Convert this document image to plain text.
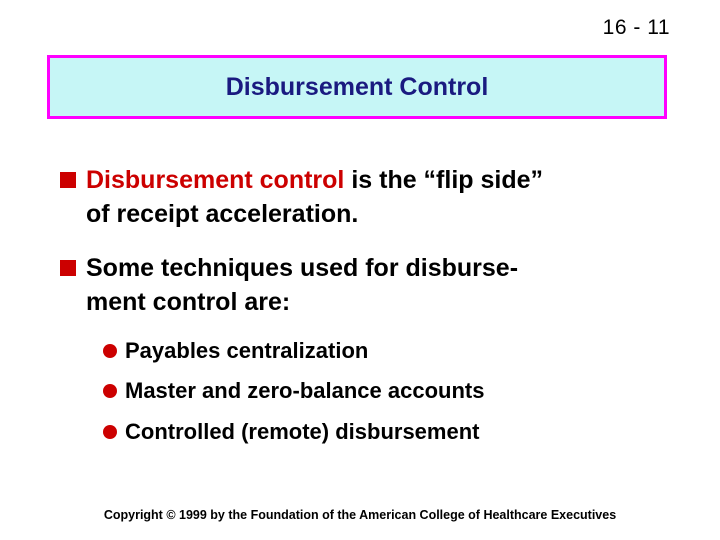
16 - 11
Disbursement Control
Disbursement control is the “flip side”
of receipt acceleration.
Some techniques used for disburse-
ment control are:
Payables centralization
Master and zero-balance accounts
Controlled (remote) disbursement
Copyright © 1999 by the Foundation of the American College of Healthcare Executives
